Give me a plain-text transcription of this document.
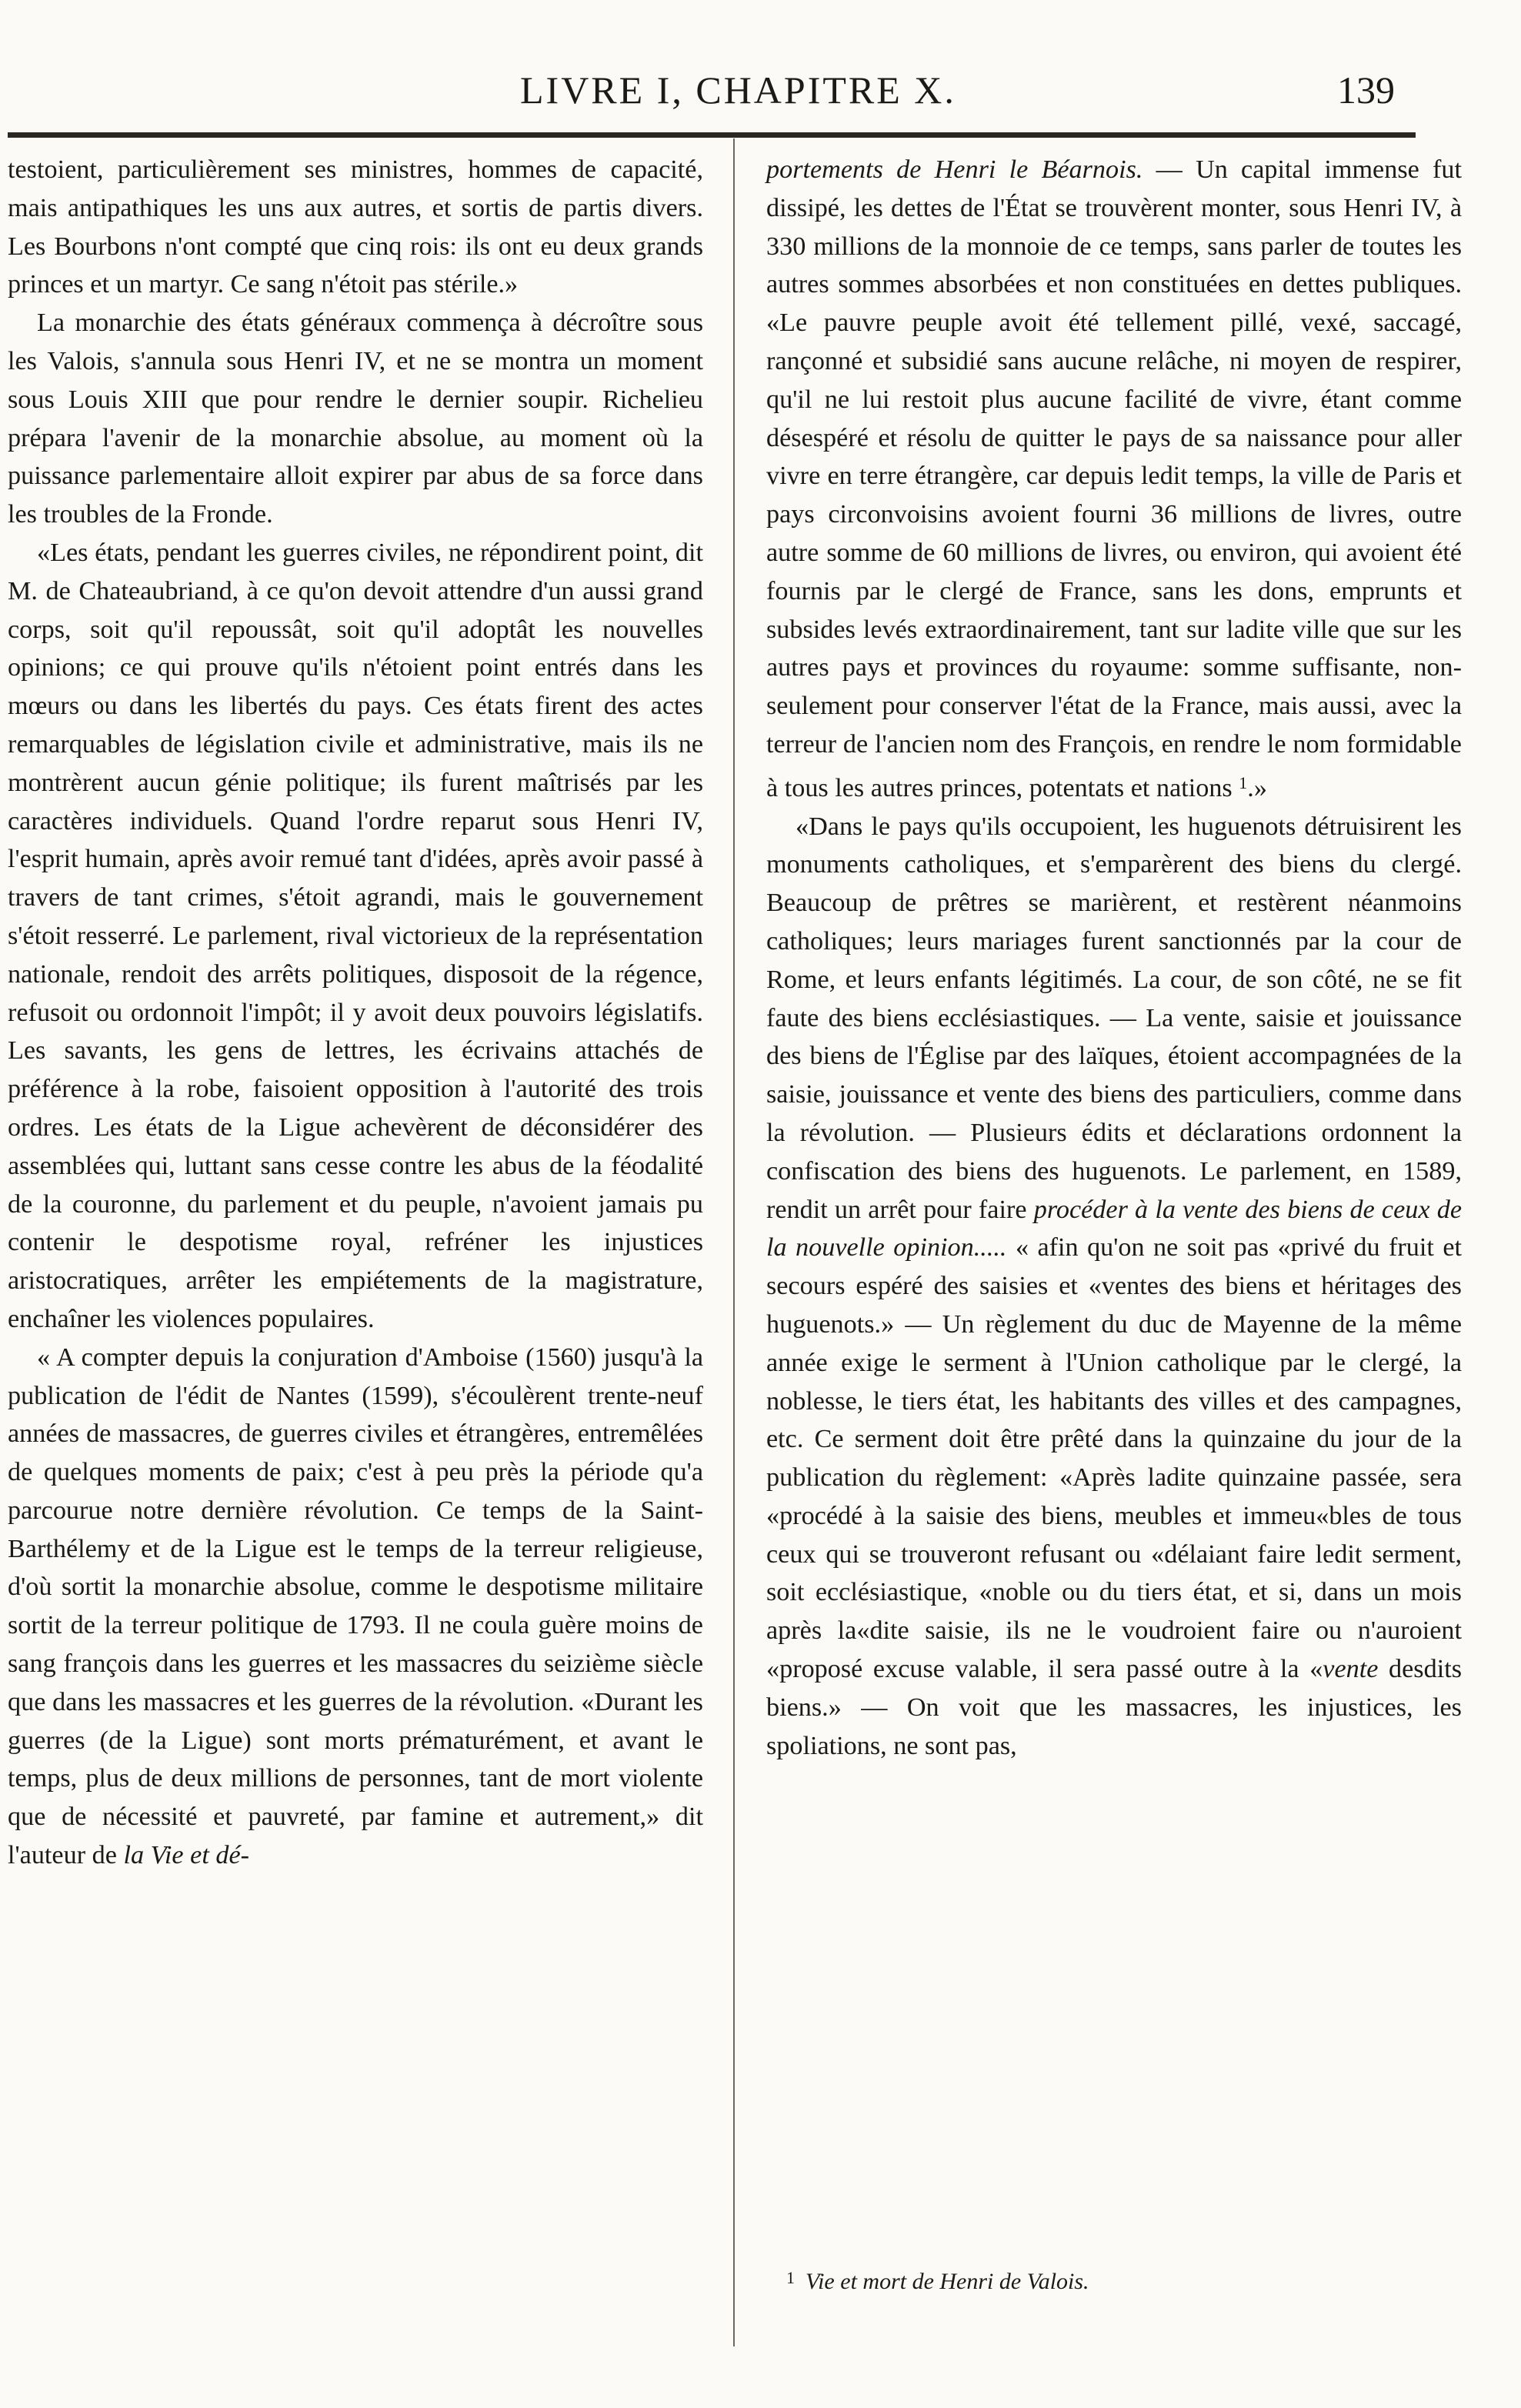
LIVRE I, CHAPITRE X.	139

testoient, particulièrement ses ministres, hommes de capacité, mais antipathiques les uns aux autres, et sortis de partis divers. Les Bourbons n'ont compté que cinq rois: ils ont eu deux grands princes et un martyr. Ce sang n'étoit pas stérile.»

La monarchie des états généraux commença à décroître sous les Valois, s'annula sous Henri IV, et ne se montra un moment sous Louis XIII que pour rendre le dernier soupir. Richelieu prépara l'avenir de la monarchie absolue, au moment où la puissance parlementaire alloit expirer par abus de sa force dans les troubles de la Fronde.

«Les états, pendant les guerres civiles, ne répondirent point, dit M. de Chateaubriand, à ce qu'on devoit attendre d'un aussi grand corps, soit qu'il repoussât, soit qu'il adoptât les nouvelles opinions; ce qui prouve qu'ils n'étoient point entrés dans les mœurs ou dans les libertés du pays. Ces états firent des actes remarquables de législation civile et administrative, mais ils ne montrèrent aucun génie politique; ils furent maîtrisés par les caractères individuels. Quand l'ordre reparut sous Henri IV, l'esprit humain, après avoir remué tant d'idées, après avoir passé à travers de tant crimes, s'étoit agrandi, mais le gouvernement s'étoit resserré. Le parlement, rival victorieux de la représentation nationale, rendoit des arrêts politiques, disposoit de la régence, refusoit ou ordonnoit l'impôt; il y avoit deux pouvoirs législatifs. Les savants, les gens de lettres, les écrivains attachés de préférence à la robe, faisoient opposition à l'autorité des trois ordres. Les états de la Ligue achevèrent de déconsidérer des assemblées qui, luttant sans cesse contre les abus de la féodalité de la couronne, du parlement et du peuple, n'avoient jamais pu contenir le despotisme royal, refréner les injustices aristocratiques, arrêter les empiétements de la magistrature, enchaîner les violences populaires.

« A compter depuis la conjuration d'Amboise (1560) jusqu'à la publication de l'édit de Nantes (1599), s'écoulèrent trente-neuf années de massacres, de guerres civiles et étrangères, entremêlées de quelques moments de paix; c'est à peu près la période qu'a parcourue notre dernière révolution. Ce temps de la Saint-Barthélemy et de la Ligue est le temps de la terreur religieuse, d'où sortit la monarchie absolue, comme le despotisme militaire sortit de la terreur politique de 1793. Il ne coula guère moins de sang françois dans les guerres et les massacres du seizième siècle que dans les massacres et les guerres de la révolution. «Durant les guerres (de la Ligue) sont morts prématurément, et avant le temps, plus de deux millions de personnes, tant de mort violente que de nécessité et pauvreté, par famine et autrement,» dit l'auteur de la Vie et dé-

portements de Henri le Béarnois. — Un capital immense fut dissipé, les dettes de l'État se trouvèrent monter, sous Henri IV, à 330 millions de la monnoie de ce temps, sans parler de toutes les autres sommes absorbées et non constituées en dettes publiques. «Le pauvre peuple avoit été tellement pillé, vexé, saccagé, rançonné et subsidié sans aucune relâche, ni moyen de respirer, qu'il ne lui restoit plus aucune facilité de vivre, étant comme désespéré et résolu de quitter le pays de sa naissance pour aller vivre en terre étrangère, car depuis ledit temps, la ville de Paris et pays circonvoisins avoient fourni 36 millions de livres, outre autre somme de 60 millions de livres, ou environ, qui avoient été fournis par le clergé de France, sans les dons, emprunts et subsides levés extraordinairement, tant sur ladite ville que sur les autres pays et provinces du royaume: somme suffisante, non-seulement pour conserver l'état de la France, mais aussi, avec la terreur de l'ancien nom des François, en rendre le nom formidable à tous les autres princes, potentats et nations $^1$.»

«Dans le pays qu'ils occupoient, les huguenots détruisirent les monuments catholiques, et s'emparèrent des biens du clergé. Beaucoup de prêtres se marièrent, et restèrent néanmoins catholiques; leurs mariages furent sanctionnés par la cour de Rome, et leurs enfants légitimés. La cour, de son côté, ne se fit faute des biens ecclésiastiques. — La vente, saisie et jouissance des biens de l'Église par des laïques, étoient accompagnées de la saisie, jouissance et vente des biens des particuliers, comme dans la révolution. — Plusieurs édits et déclarations ordonnent la confiscation des biens des huguenots. Le parlement, en 1589, rendit un arrêt pour faire procéder à la vente des biens de ceux de la nouvelle opinion..... « afin qu'on ne soit pas «privé du fruit et secours espéré des saisies et «ventes des biens et héritages des huguenots.» — Un règlement du duc de Mayenne de la même année exige le serment à l'Union catholique par le clergé, la noblesse, le tiers état, les habitants des villes et des campagnes, etc. Ce serment doit être prêté dans la quinzaine du jour de la publication du règlement: «Après ladite quinzaine passée, sera «procédé à la saisie des biens, meubles et immeu«bles de tous ceux qui se trouveront refusant ou «délaiant faire ledit serment, soit ecclésiastique, «noble ou du tiers état, et si, dans un mois après la«dite saisie, ils ne le voudroient faire ou n'auroient «proposé excuse valable, il sera passé outre à la «vente desdits biens.» — On voit que les massacres, les injustices, les spoliations, ne sont pas,

$^1$ Vie et mort de Henri de Valois.
